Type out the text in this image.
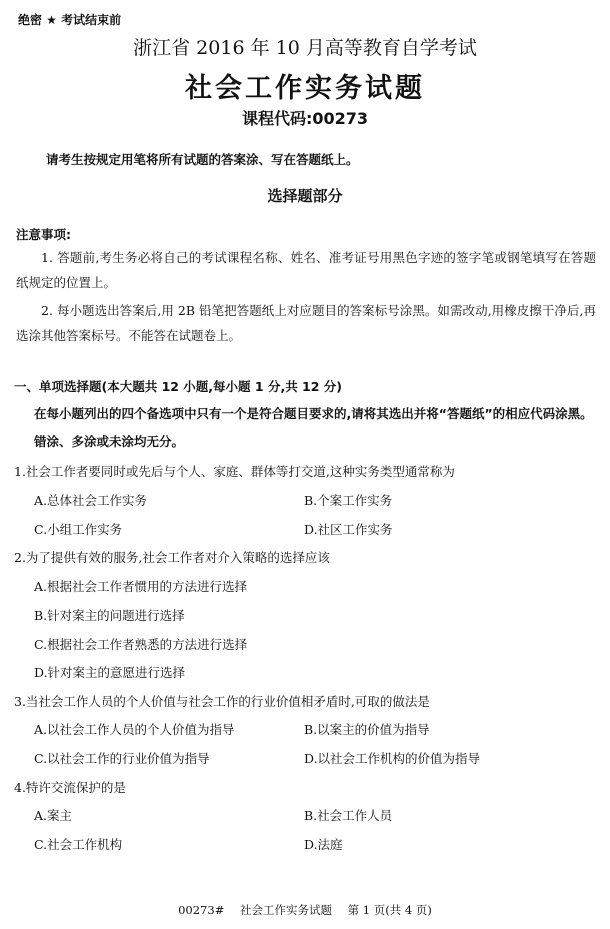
绝密 ★ 考试结束前
浙江省 2016 年 10 月高等教育自学考试
社会工作实务试题
课程代码:00273
请考生按规定用笔将所有试题的答案涂、写在答题纸上。
选择题部分
注意事项:
1. 答题前,考生务必将自己的考试课程名称、姓名、准考证号用黑色字迹的签字笔或钢笔填写在答题纸规定的位置上。
2. 每小题选出答案后,用 2B 铅笔把答题纸上对应题目的答案标号涂黑。如需改动,用橡皮擦干净后,再选涂其他答案标号。不能答在试题卷上。
一、单项选择题(本大题共 12 小题,每小题 1 分,共 12 分)
在每小题列出的四个备选项中只有一个是符合题目要求的,请将其选出并将“答题纸”的相应代码涂黑。错涂、多涂或未涂均无分。
1.社会工作者要同时或先后与个人、家庭、群体等打交道,这种实务类型通常称为
A.总体社会工作实务	B.个案工作实务
C.小组工作实务	D.社区工作实务
2.为了提供有效的服务,社会工作者对介入策略的选择应该
A.根据社会工作者惯用的方法进行选择
B.针对案主的问题进行选择
C.根据社会工作者熟悉的方法进行选择
D.针对案主的意愿进行选择
3.当社会工作人员的个人价值与社会工作的行业价值相矛盾时,可取的做法是
A.以社会工作人员的个人价值为指导	B.以案主的价值为指导
C.以社会工作的行业价值为指导	D.以社会工作机构的价值为指导
4.特许交流保护的是
A.案主	B.社会工作人员
C.社会工作机构	D.法庭
00273# 社会工作实务试题 第 1 页(共 4 页)
